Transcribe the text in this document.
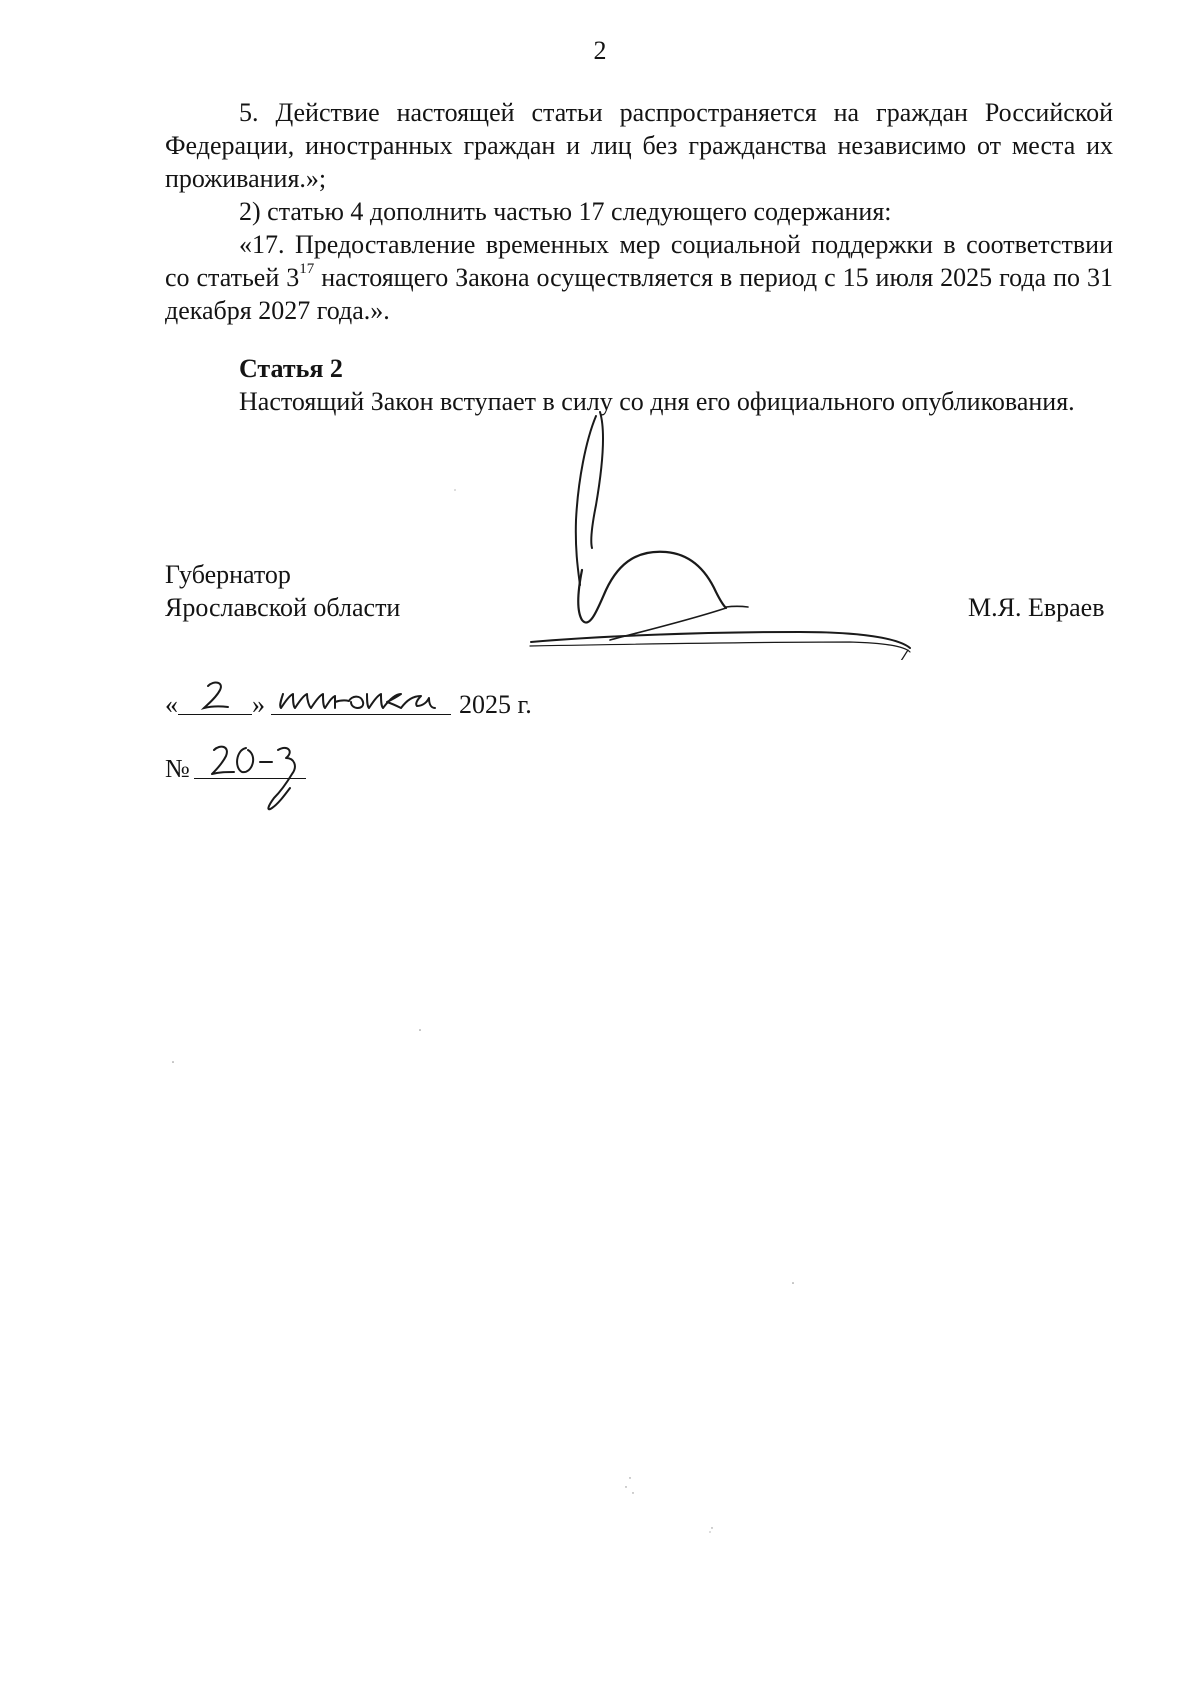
2

5. Действие настоящей статьи распространяется на граждан Российской Федерации, иностранных граждан и лиц без гражданства независимо от места их проживания.»;

2) статью 4 дополнить частью 17 следующего содержания:

«17. Предоставление временных мер социальной поддержки в соответствии со статьей $3^{17}$ настоящего Закона осуществляется в период с 15 июля 2025 года по 31 декабря 2027 года.».

Статья 2

Настоящий Закон вступает в силу со дня его официального опубликования.

Губернатор
Ярославской области	М.Я. Евраев
«	»	2025 г.
№
